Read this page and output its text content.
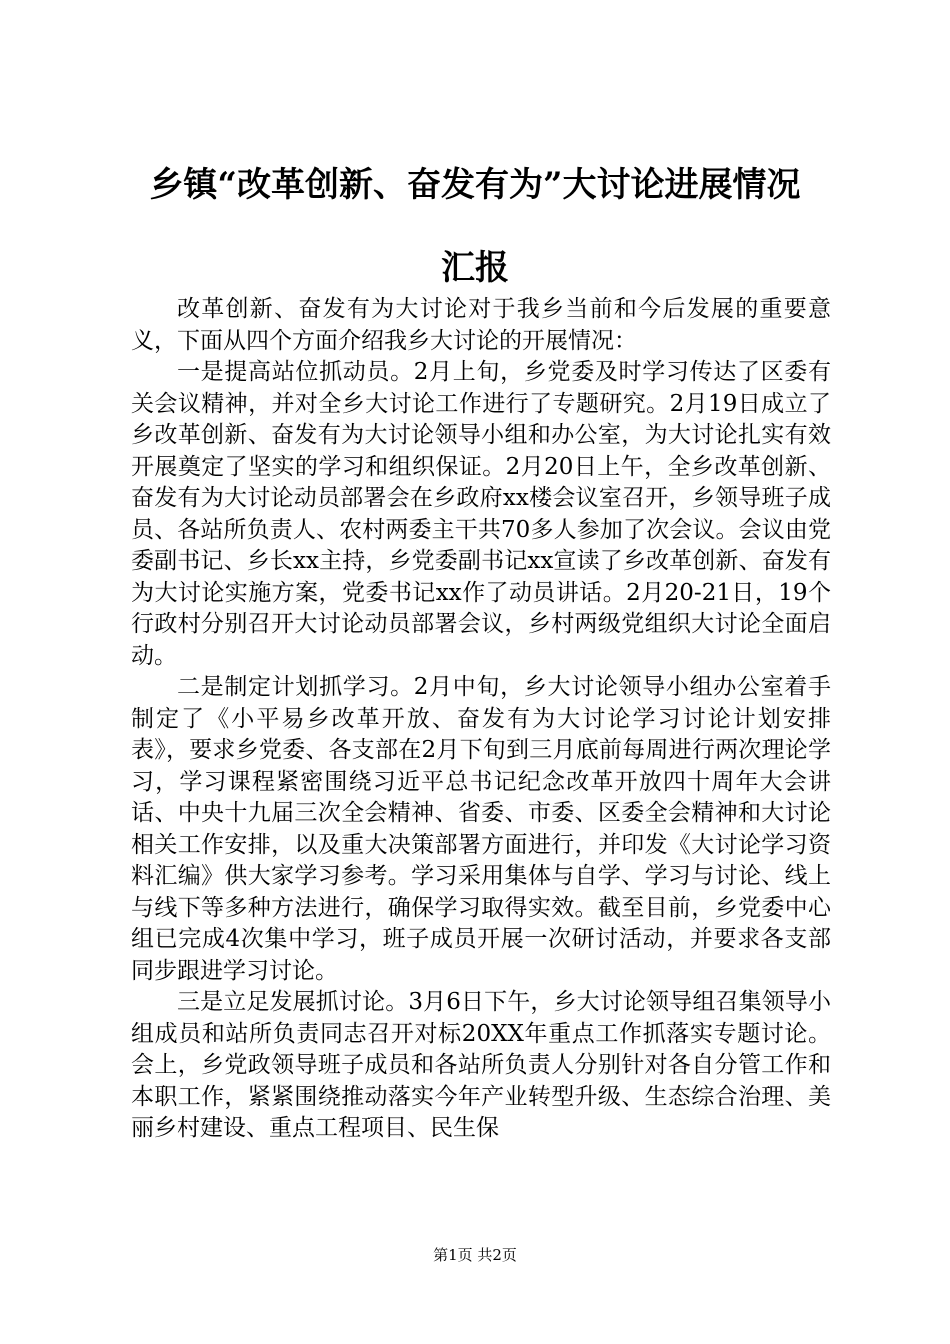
乡镇“改革创新、奋发有为”大讨论进展情况
汇报

改革创新、奋发有为大讨论对于我乡当前和今后发展的重要意义，下面从四个方面介绍我乡大讨论的开展情况：

一是提高站位抓动员。2月上旬，乡党委及时学习传达了区委有关会议精神，并对全乡大讨论工作进行了专题研究。2月19日成立了乡改革创新、奋发有为大讨论领导小组和办公室，为大讨论扎实有效开展奠定了坚实的学习和组织保证。2月20日上午，全乡改革创新、奋发有为大讨论动员部署会在乡政府xx楼会议室召开，乡领导班子成员、各站所负责人、农村两委主干共70多人参加了次会议。会议由党委副书记、乡长xx主持，乡党委副书记xx宣读了乡改革创新、奋发有为大讨论实施方案，党委书记xx作了动员讲话。2月20-21日，19个行政村分别召开大讨论动员部署会议，乡村两级党组织大讨论全面启动。

二是制定计划抓学习。2月中旬，乡大讨论领导小组办公室着手制定了《小平易乡改革开放、奋发有为大讨论学习讨论计划安排表》，要求乡党委、各支部在2月下旬到三月底前每周进行两次理论学习，学习课程紧密围绕习近平总书记纪念改革开放四十周年大会讲话、中央十九届三次全会精神、省委、市委、区委全会精神和大讨论相关工作安排，以及重大决策部署方面进行，并印发《大讨论学习资料汇编》供大家学习参考。学习采用集体与自学、学习与讨论、线上与线下等多种方法进行，确保学习取得实效。截至目前，乡党委中心组已完成4次集中学习，班子成员开展一次研讨活动，并要求各支部同步跟进学习讨论。

三是立足发展抓讨论。3月6日下午，乡大讨论领导组召集领导小组成员和站所负责同志召开对标20XX年重点工作抓落实专题讨论。会上，乡党政领导班子成员和各站所负责人分别针对各自分管工作和本职工作，紧紧围绕推动落实今年产业转型升级、生态综合治理、美丽乡村建设、重点工程项目、民生保

第1页 共2页
